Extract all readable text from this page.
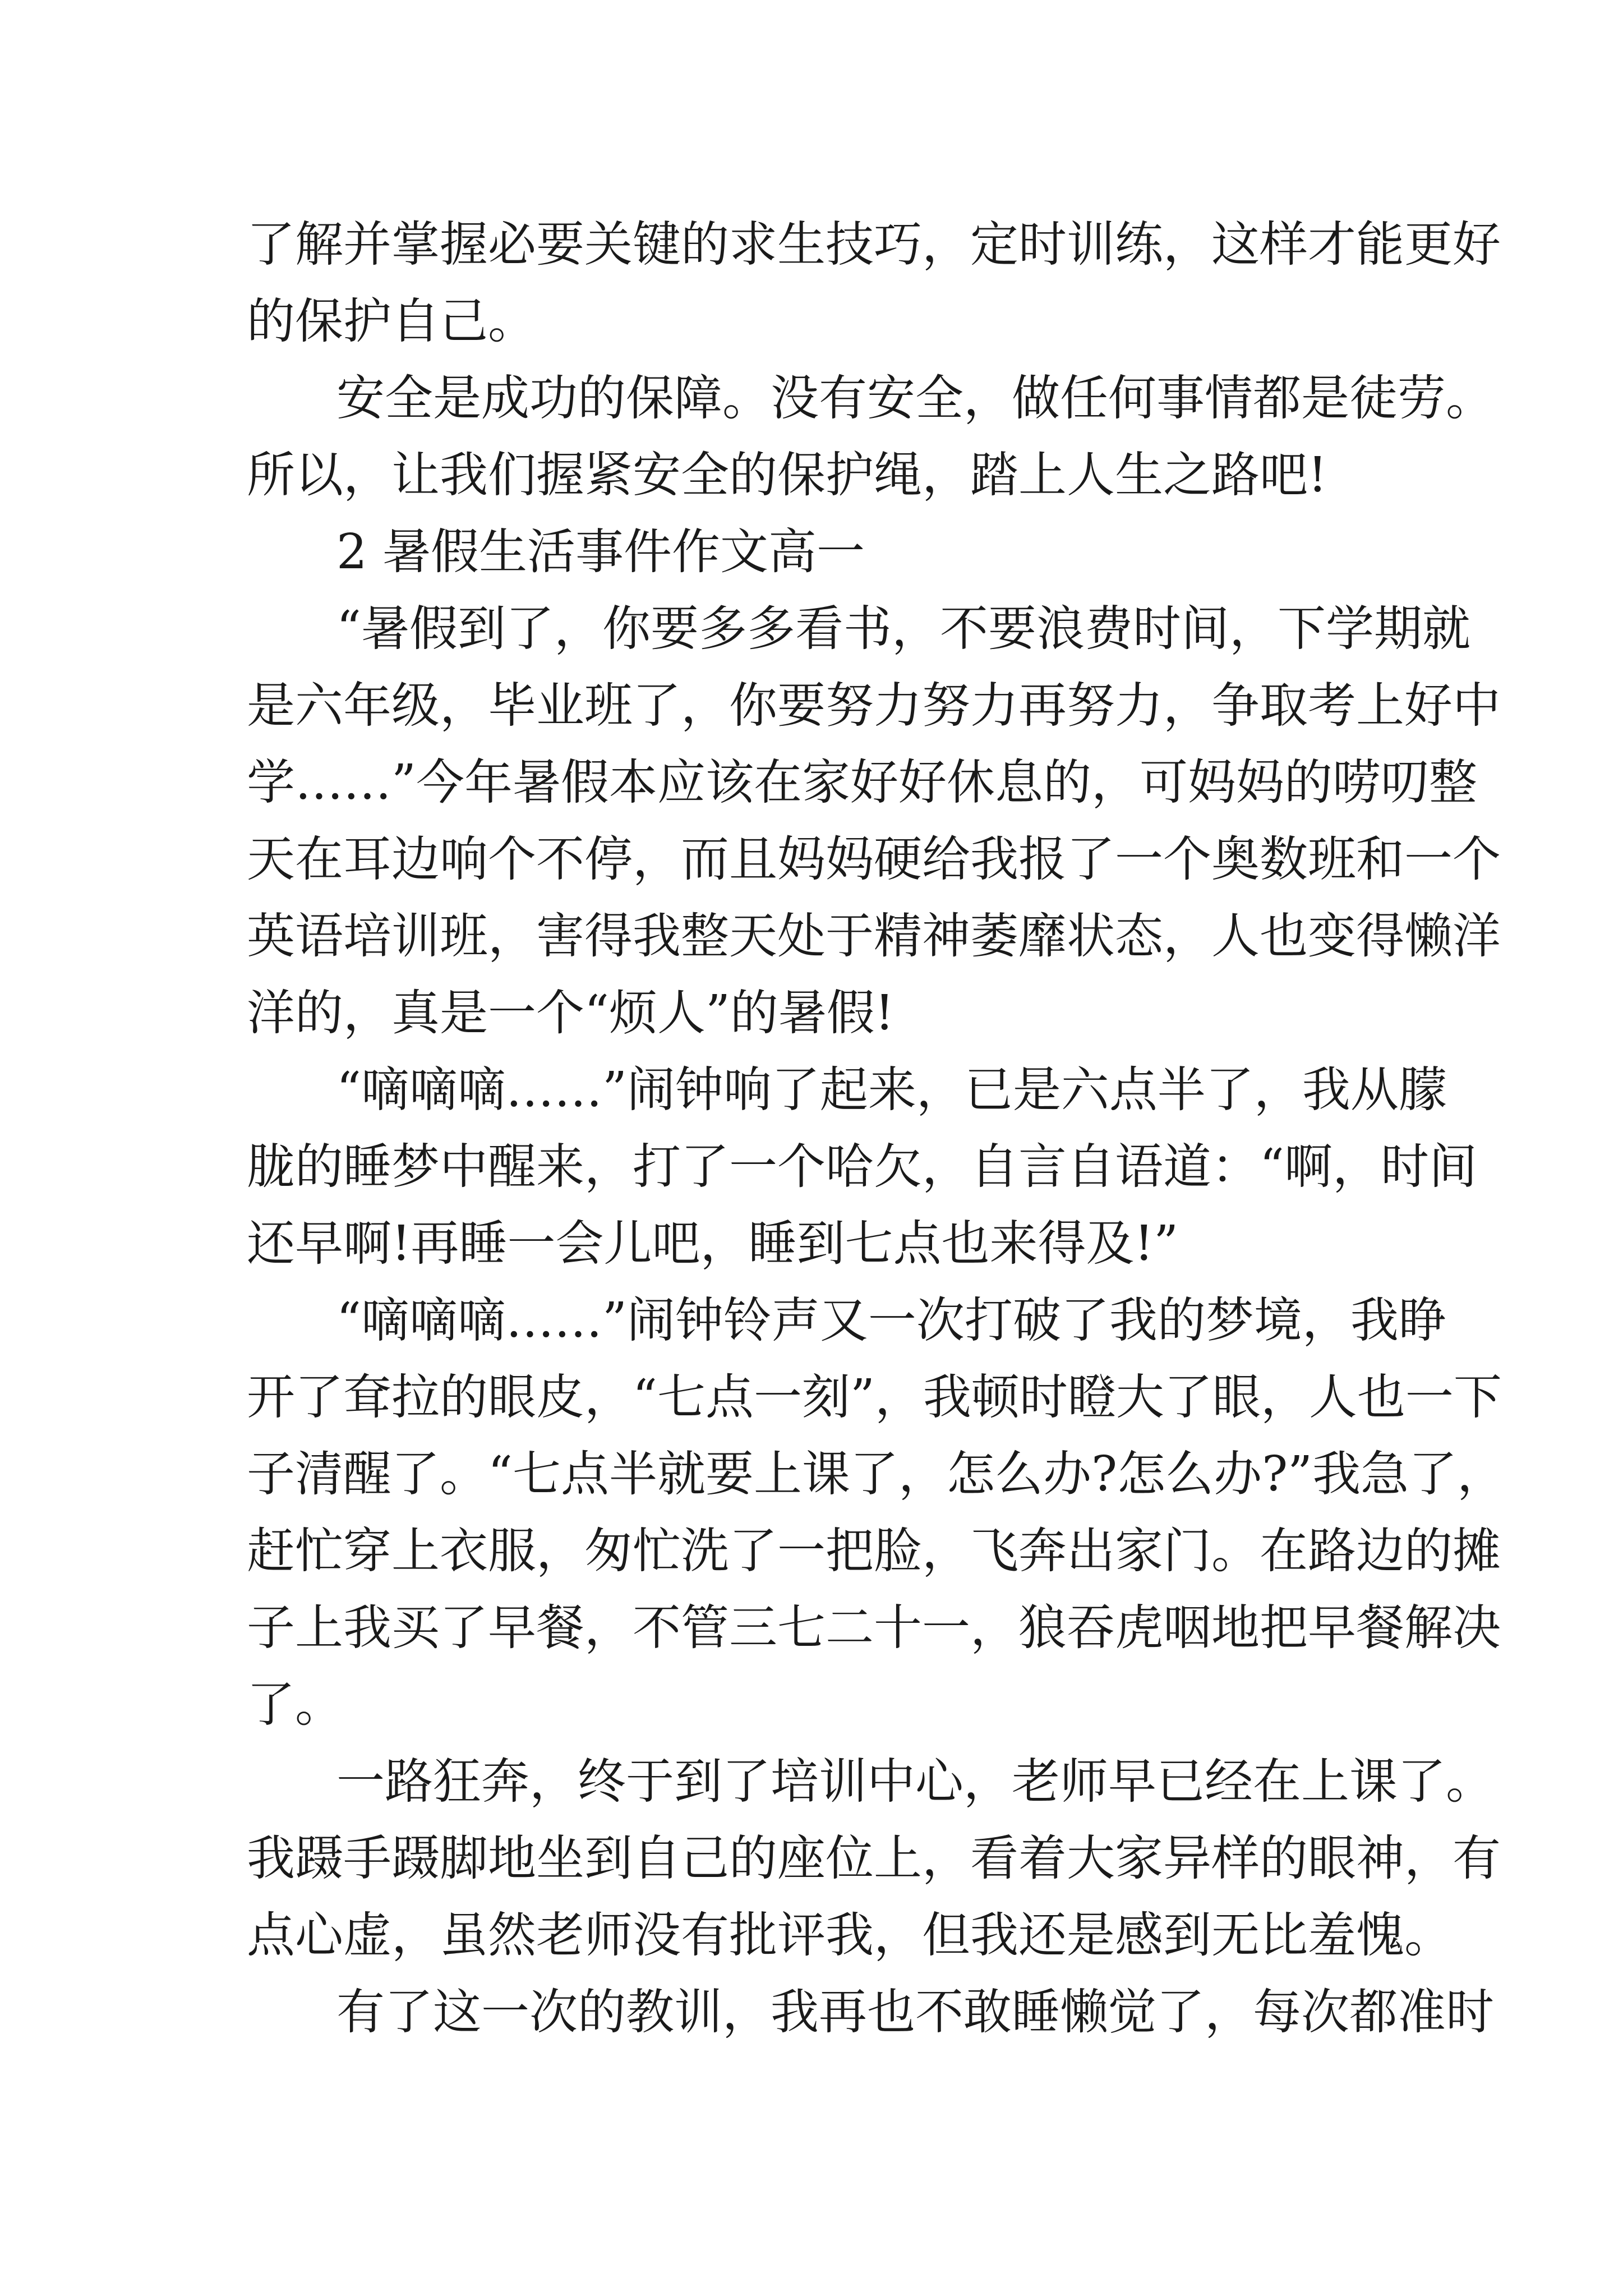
了解并掌握必要关键的求生技巧，定时训练，这样才能更好
的保护自己。
安全是成功的保障。没有安全，做任何事情都是徒劳。
所以，让我们握紧安全的保护绳，踏上人生之路吧!
2 暑假生活事件作文高一
“暑假到了，你要多多看书，不要浪费时间，下学期就
是六年级，毕业班了，你要努力努力再努力，争取考上好中
学……”今年暑假本应该在家好好休息的，可妈妈的唠叨整
天在耳边响个不停，而且妈妈硬给我报了一个奥数班和一个
英语培训班，害得我整天处于精神萎靡状态，人也变得懒洋
洋的，真是一个“烦人”的暑假!
“嘀嘀嘀……”闹钟响了起来，已是六点半了，我从朦
胧的睡梦中醒来，打了一个哈欠，自言自语道：“啊，时间
还早啊!再睡一会儿吧，睡到七点也来得及!”
“嘀嘀嘀……”闹钟铃声又一次打破了我的梦境，我睁
开了耷拉的眼皮，“七点一刻”，我顿时瞪大了眼，人也一下
子清醒了。“七点半就要上课了，怎么办?怎么办?”我急了，
赶忙穿上衣服，匆忙洗了一把脸，飞奔出家门。在路边的摊
子上我买了早餐，不管三七二十一，狼吞虎咽地把早餐解决
了。
一路狂奔，终于到了培训中心，老师早已经在上课了。
我蹑手蹑脚地坐到自己的座位上，看着大家异样的眼神，有
点心虚，虽然老师没有批评我，但我还是感到无比羞愧。
有了这一次的教训，我再也不敢睡懒觉了，每次都准时
